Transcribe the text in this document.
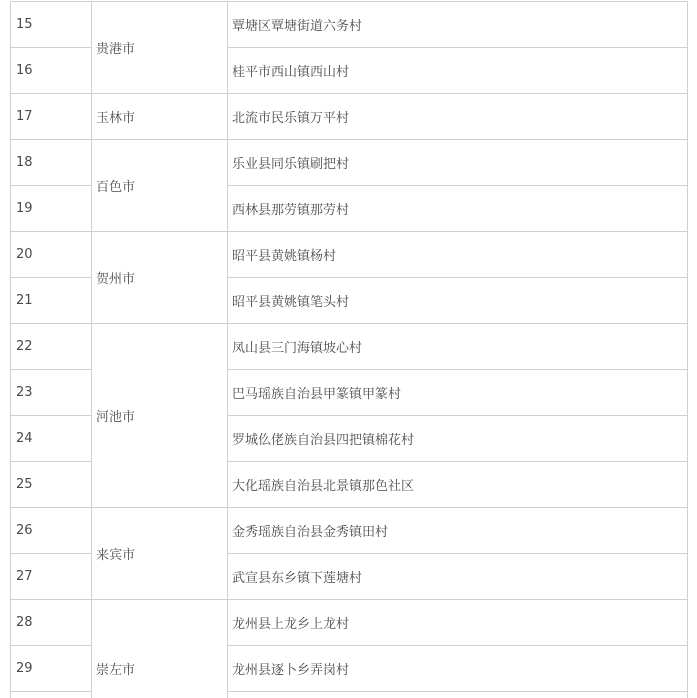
15	贵港市	覃塘区覃塘街道六务村
16		桂平市西山镇西山村
17	玉林市	北流市民乐镇万平村
18	百色市	乐业县同乐镇刷把村
19		西林县那劳镇那劳村
20	贺州市	昭平县黄姚镇杨村
21		昭平县黄姚镇笔头村
22	河池市	凤山县三门海镇坡心村
23		巴马瑶族自治县甲篆镇甲篆村
24		罗城仫佬族自治县四把镇棉花村
25		大化瑶族自治县北景镇那色社区
26	来宾市	金秀瑶族自治县金秀镇田村
27		武宣县东乡镇下莲塘村
28	崇左市	龙州县上龙乡上龙村
29		龙州县逐卜乡弄岗村
